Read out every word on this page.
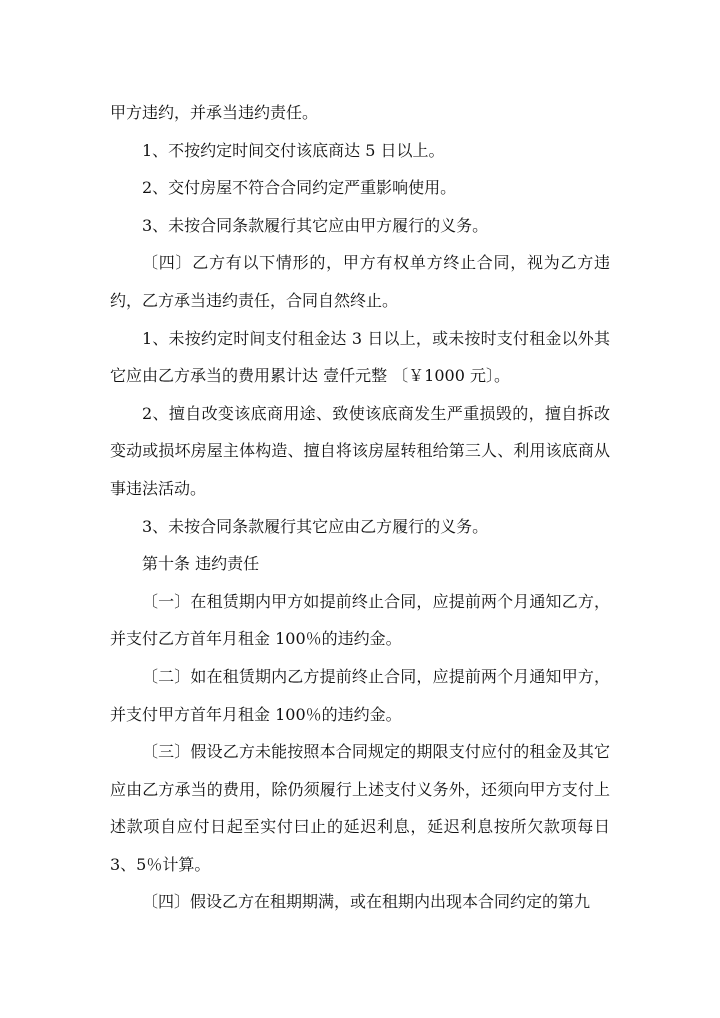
甲方违约，并承当违约责任。

1、不按约定时间交付该底商达 5 日以上。

2、交付房屋不符合合同约定严重影响使用。

3、未按合同条款履行其它应由甲方履行的义务。

〔四〕乙方有以下情形的，甲方有权单方终止合同，视为乙方违约，乙方承当违约责任，合同自然终止。

1、未按约定时间支付租金达 3 日以上，或未按时支付租金以外其它应由乙方承当的费用累计达 壹仟元整 〔￥1000 元〕。

2、擅自改变该底商用途、致使该底商发生严重损毁的，擅自拆改变动或损坏房屋主体构造、擅自将该房屋转租给第三人、利用该底商从事违法活动。

3、未按合同条款履行其它应由乙方履行的义务。

第十条 违约责任

〔一〕在租赁期内甲方如提前终止合同，应提前两个月通知乙方，并支付乙方首年月租金 100％的违约金。

〔二〕如在租赁期内乙方提前终止合同，应提前两个月通知甲方，并支付甲方首年月租金 100％的违约金。

〔三〕假设乙方未能按照本合同规定的期限支付应付的租金及其它应由乙方承当的费用，除仍须履行上述支付义务外，还须向甲方支付上述款项自应付日起至实付曰止的延迟利息，延迟利息按所欠款项每日 3、5％计算。

〔四〕假设乙方在租期期满，或在租期内出现本合同约定的第九
